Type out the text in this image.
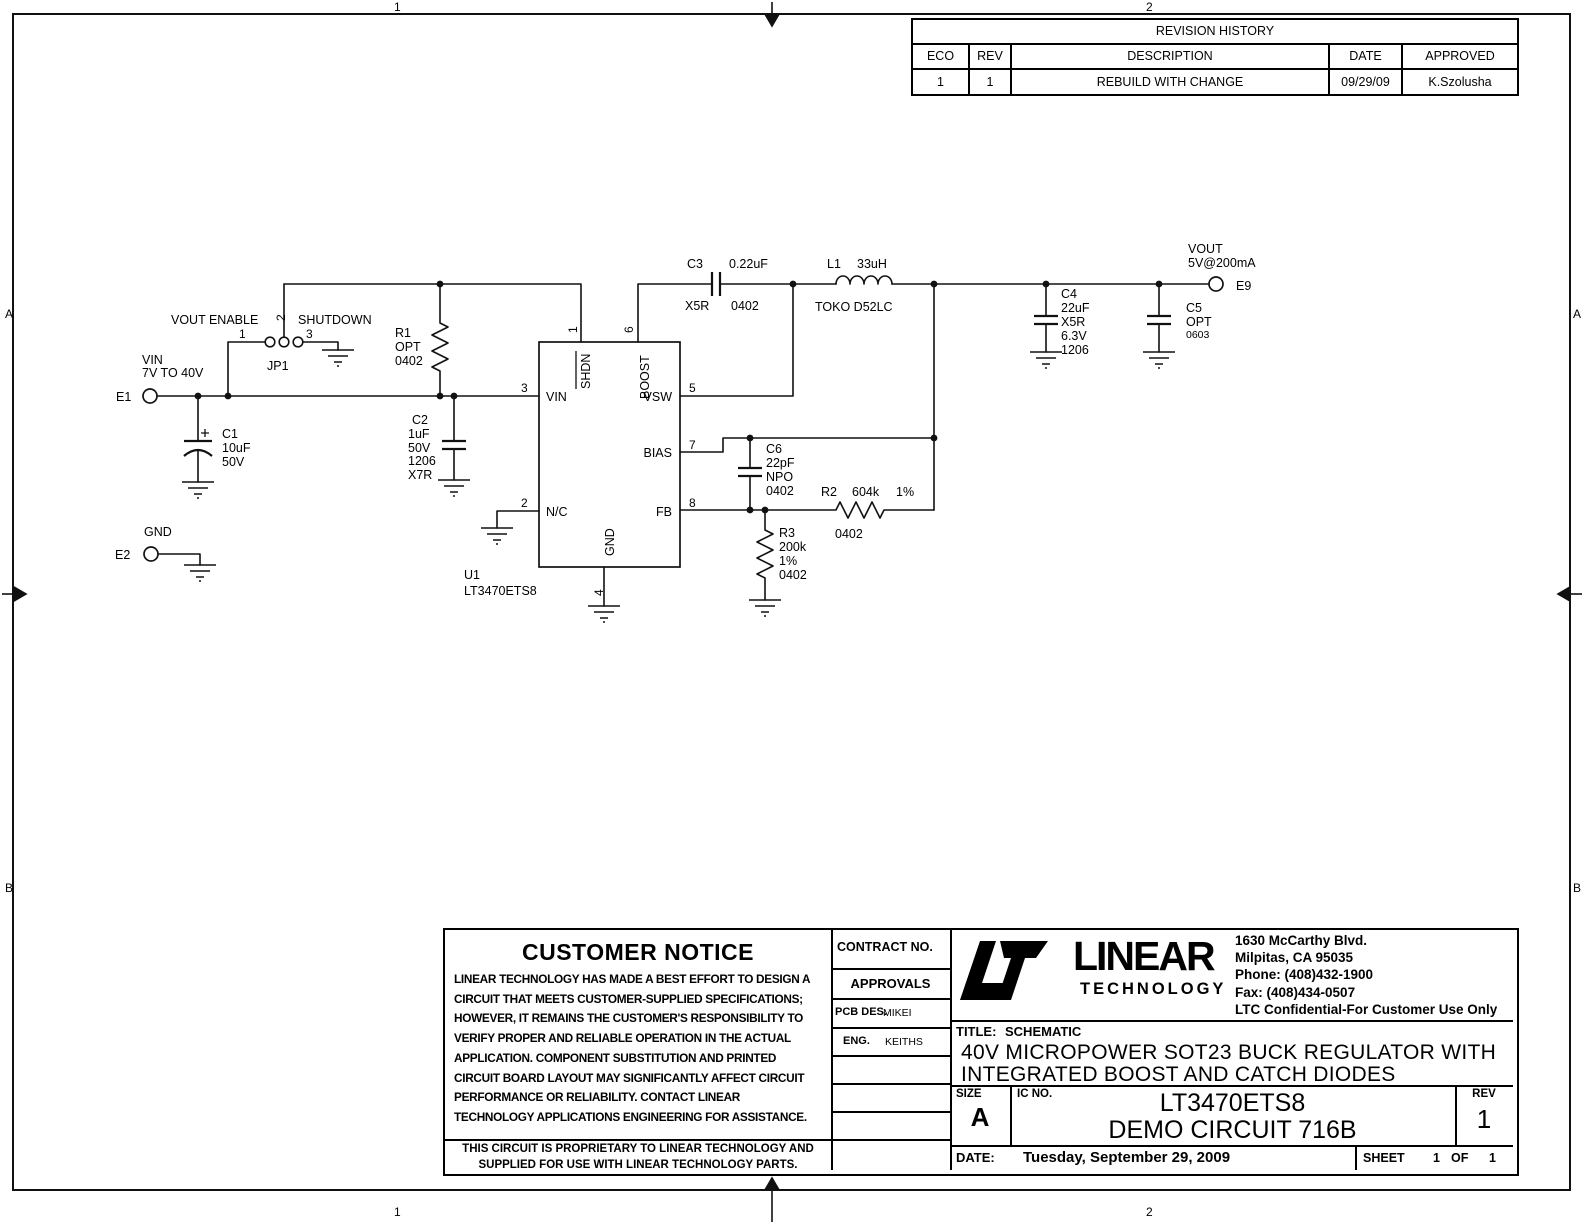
1	2
1	2
A
B
A
B
E1
VIN
7V TO 40V
E2
GND
VOUT
5V@200mA
E9
VOUT ENABLE	SHUTDOWN
1
2
3
JP1
C1
10uF
50V
C2
1uF
50V
1206
X7R
R1
OPT
0402
VIN
3
N/C
2
VSW
5
BIAS
7
FB
8
SHDN
1
BOOST
6
GND
4
U1
LT3470ETS8
C3 0.22uF
X5R 0402
L1 33uH
TOKO D52LC
C4
22uF
X5R
6.3V
1206
C5
OPT
0603
C6
22pF
NPO
0402 R2 604k 1%
0402
R3
200k
1%
0402
REVISION HISTORY
ECO	REV	DESCRIPTION	DATE	APPROVED
1	1	REBUILD WITH CHANGE	09/29/09	K.Szolusha
CUSTOMER NOTICE
LINEAR TECHNOLOGY HAS MADE A BEST EFFORT TO DESIGN A
CIRCUIT THAT MEETS CUSTOMER-SUPPLIED SPECIFICATIONS;
HOWEVER, IT REMAINS THE CUSTOMER'S RESPONSIBILITY TO
VERIFY PROPER AND RELIABLE OPERATION IN THE ACTUAL
APPLICATION. COMPONENT SUBSTITUTION AND PRINTED
CIRCUIT BOARD LAYOUT MAY SIGNIFICANTLY AFFECT CIRCUIT
PERFORMANCE OR RELIABILITY. CONTACT LINEAR
TECHNOLOGY APPLICATIONS ENGINEERING FOR ASSISTANCE.
THIS CIRCUIT IS PROPRIETARY TO LINEAR TECHNOLOGY AND
SUPPLIED FOR USE WITH LINEAR TECHNOLOGY PARTS.
CONTRACT NO.
APPROVALS
PCB DES.
MIKEI
ENG. KEITHS
LINEAR
TECHNOLOGY
1630 McCarthy Blvd.
Milpitas, CA 95035
Phone: (408)432-1900
Fax: (408)434-0507
LTC Confidential-For Customer Use Only
TITLE: SCHEMATIC
40V MICROPOWER SOT23 BUCK REGULATOR WITH
INTEGRATED BOOST AND CATCH DIODES
SIZE
A
IC NO.	LT3470ETS8
DEMO CIRCUIT 716B
REV
1
DATE: Tuesday, September 29, 2009	SHEET 1 OF 1
